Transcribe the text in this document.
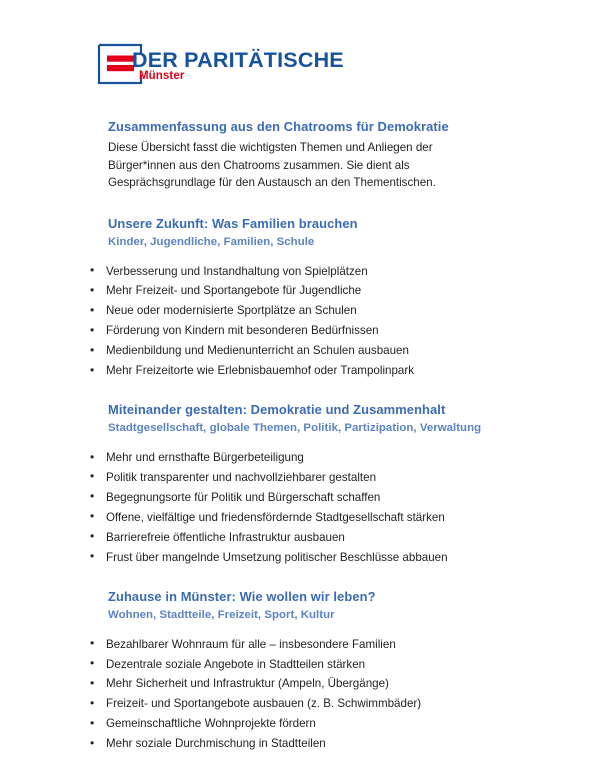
DER PARITÄTISCHE
Münster
Zusammenfassung aus den Chatrooms für Demokratie

Diese Übersicht fasst die wichtigsten Themen und Anliegen der Bürger*innen aus den Chatrooms zusammen. Sie dient als Gesprächsgrundlage für den Austausch an den Thementischen.

Unsere Zukunft: Was Familien brauchen
Kinder, Jugendliche, Familien, Schule
• Verbesserung und Instandhaltung von Spielplätzen
• Mehr Freizeit- und Sportangebote für Jugendliche
• Neue oder modernisierte Sportplätze an Schulen
• Förderung von Kindern mit besonderen Bedürfnissen
• Medienbildung und Medienunterricht an Schulen ausbauen
• Mehr Freizeitorte wie Erlebnisbauemhof oder Trampolinpark
Miteinander gestalten: Demokratie und Zusammenhalt
Stadtgesellschaft, globale Themen, Politik, Partizipation, Verwaltung
• Mehr und ernsthafte Bürgerbeteiligung
• Politik transparenter und nachvollziehbarer gestalten
• Begegnungsorte für Politik und Bürgerschaft schaffen
• Offene, vielfältige und friedensfördernde Stadtgesellschaft stärken
• Barrierefreie öffentliche Infrastruktur ausbauen
• Frust über mangelnde Umsetzung politischer Beschlüsse abbauen
Zuhause in Münster: Wie wollen wir leben?
Wohnen, Stadtteile, Freizeit, Sport, Kultur
• Bezahlbarer Wohnraum für alle – insbesondere Familien
• Dezentrale soziale Angebote in Stadtteilen stärken
• Mehr Sicherheit und Infrastruktur (Ampeln, Übergänge)
• Freizeit- und Sportangebote ausbauen (z. B. Schwimmbäder)
• Gemeinschaftliche Wohnprojekte fördern
• Mehr soziale Durchmischung in Stadtteilen
